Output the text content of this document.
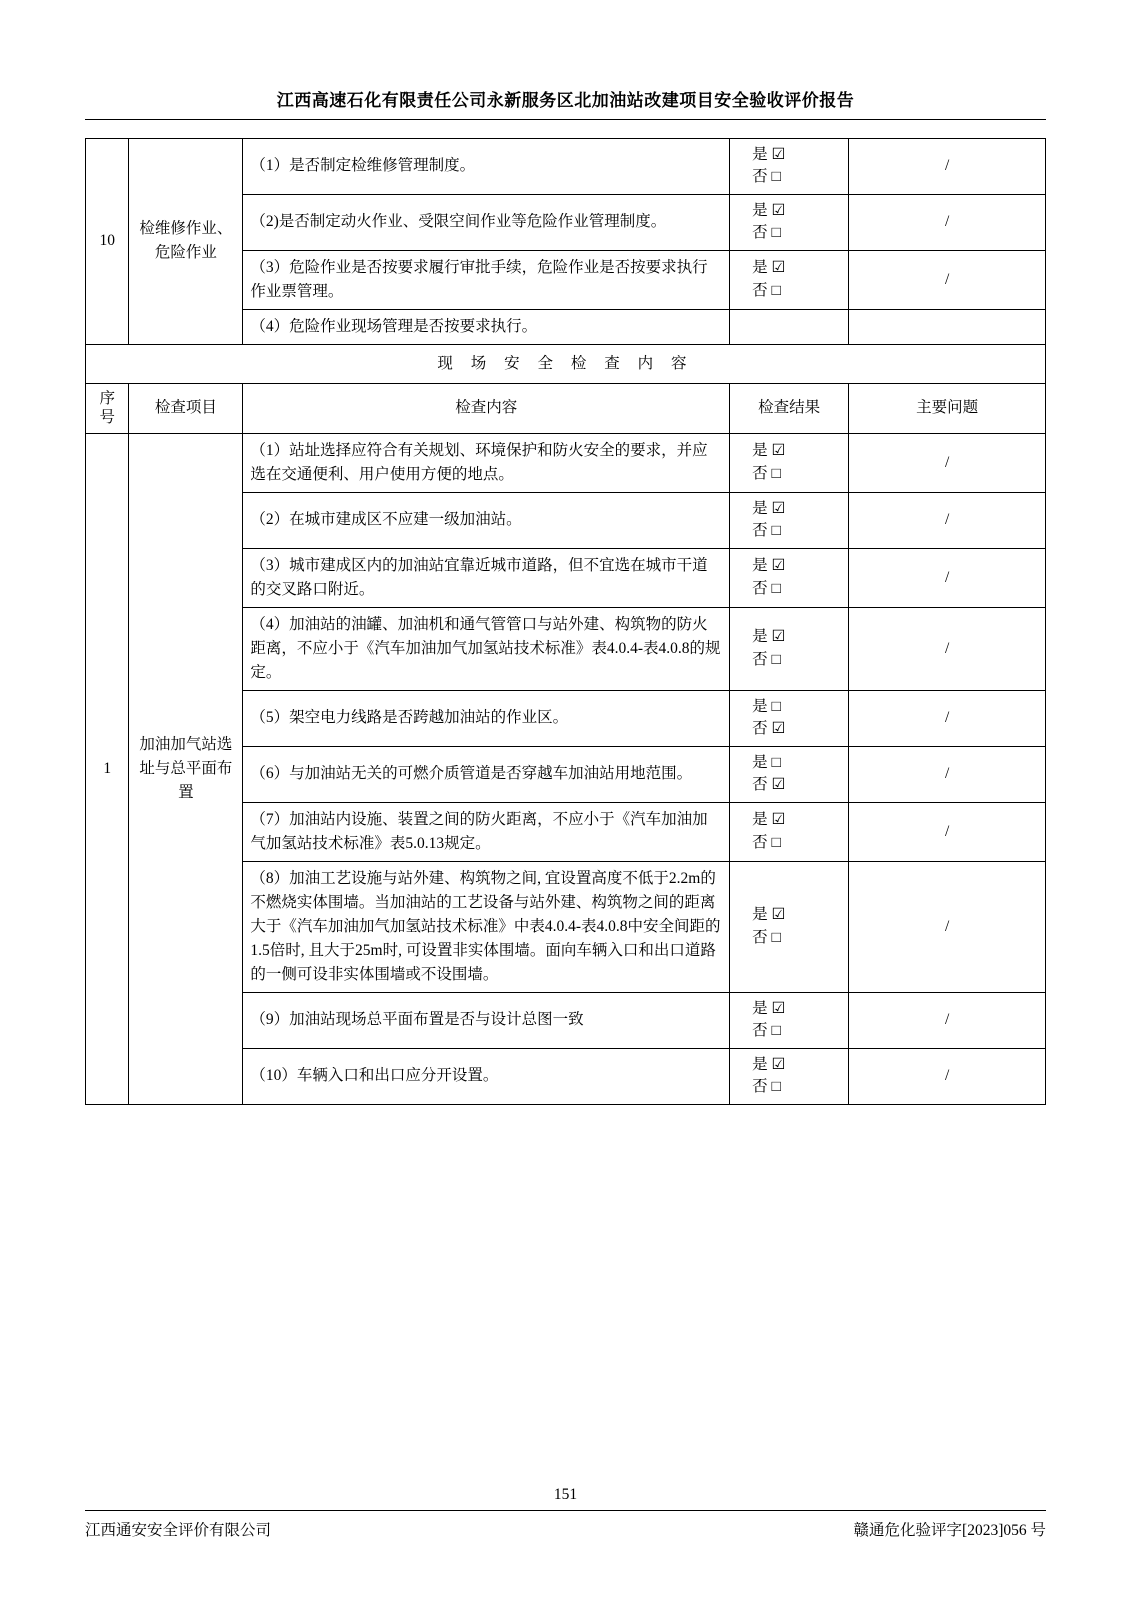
江西高速石化有限责任公司永新服务区北加油站改建项目安全验收评价报告
10	检维修作业、危险作业	（1）是否制定检维修管理制度。	是 ☑
否 □	/
		（2)是否制定动火作业、受限空间作业等危险作业管理制度。	是 ☑
否 □	/
		（3）危险作业是否按要求履行审批手续，危险作业是否按要求执行作业票管理。	是 ☑
否 □	/
		（4）危险作业现场管理是否按要求执行。	

现 场 安 全 检 查 内 容				

序
号	检查项目	检查内容	检查结果	主要问题
1	加油加气站选址与总平面布置	（1）站址选择应符合有关规划、环境保护和防火安全的要求，并应选在交通便利、用户使用方便的地点。	是 ☑
否 □	/
		（2）在城市建成区不应建一级加油站。	是 ☑
否 □	/
		（3）城市建成区内的加油站宜靠近城市道路，但不宜选在城市干道的交叉路口附近。	是 ☑
否 □	/
		（4）加油站的油罐、加油机和通气管管口与站外建、构筑物的防火距离，不应小于《汽车加油加气加氢站技术标准》表4.0.4-表4.0.8的规定。	是 ☑
否 □	/
		（5）架空电力线路是否跨越加油站的作业区。	是 □
否 ☑	/
		（6）与加油站无关的可燃介质管道是否穿越车加油站用地范围。	是 □
否 ☑	/
		（7）加油站内设施、装置之间的防火距离，不应小于《汽车加油加气加氢站技术标准》表5.0.13规定。	是 ☑
否 □	/
		（8）加油工艺设施与站外建、构筑物之间, 宜设置高度不低于2.2m的不燃烧实体围墙。当加油站的工艺设备与站外建、构筑物之间的距离大于《汽车加油加气加氢站技术标准》中表4.0.4-表4.0.8中安全间距的1.5倍时, 且大于25m时, 可设置非实体围墙。面向车辆入口和出口道路的一侧可设非实体围墙或不设围墙。	是 ☑
否 □	/
		（9）加油站现场总平面布置是否与设计总图一致	是 ☑
否 □	/
		（10）车辆入口和出口应分开设置。	是 ☑
否 □	/
久
151
江西通安安全评价有限公司	赣通危化验评字[2023]056 号
